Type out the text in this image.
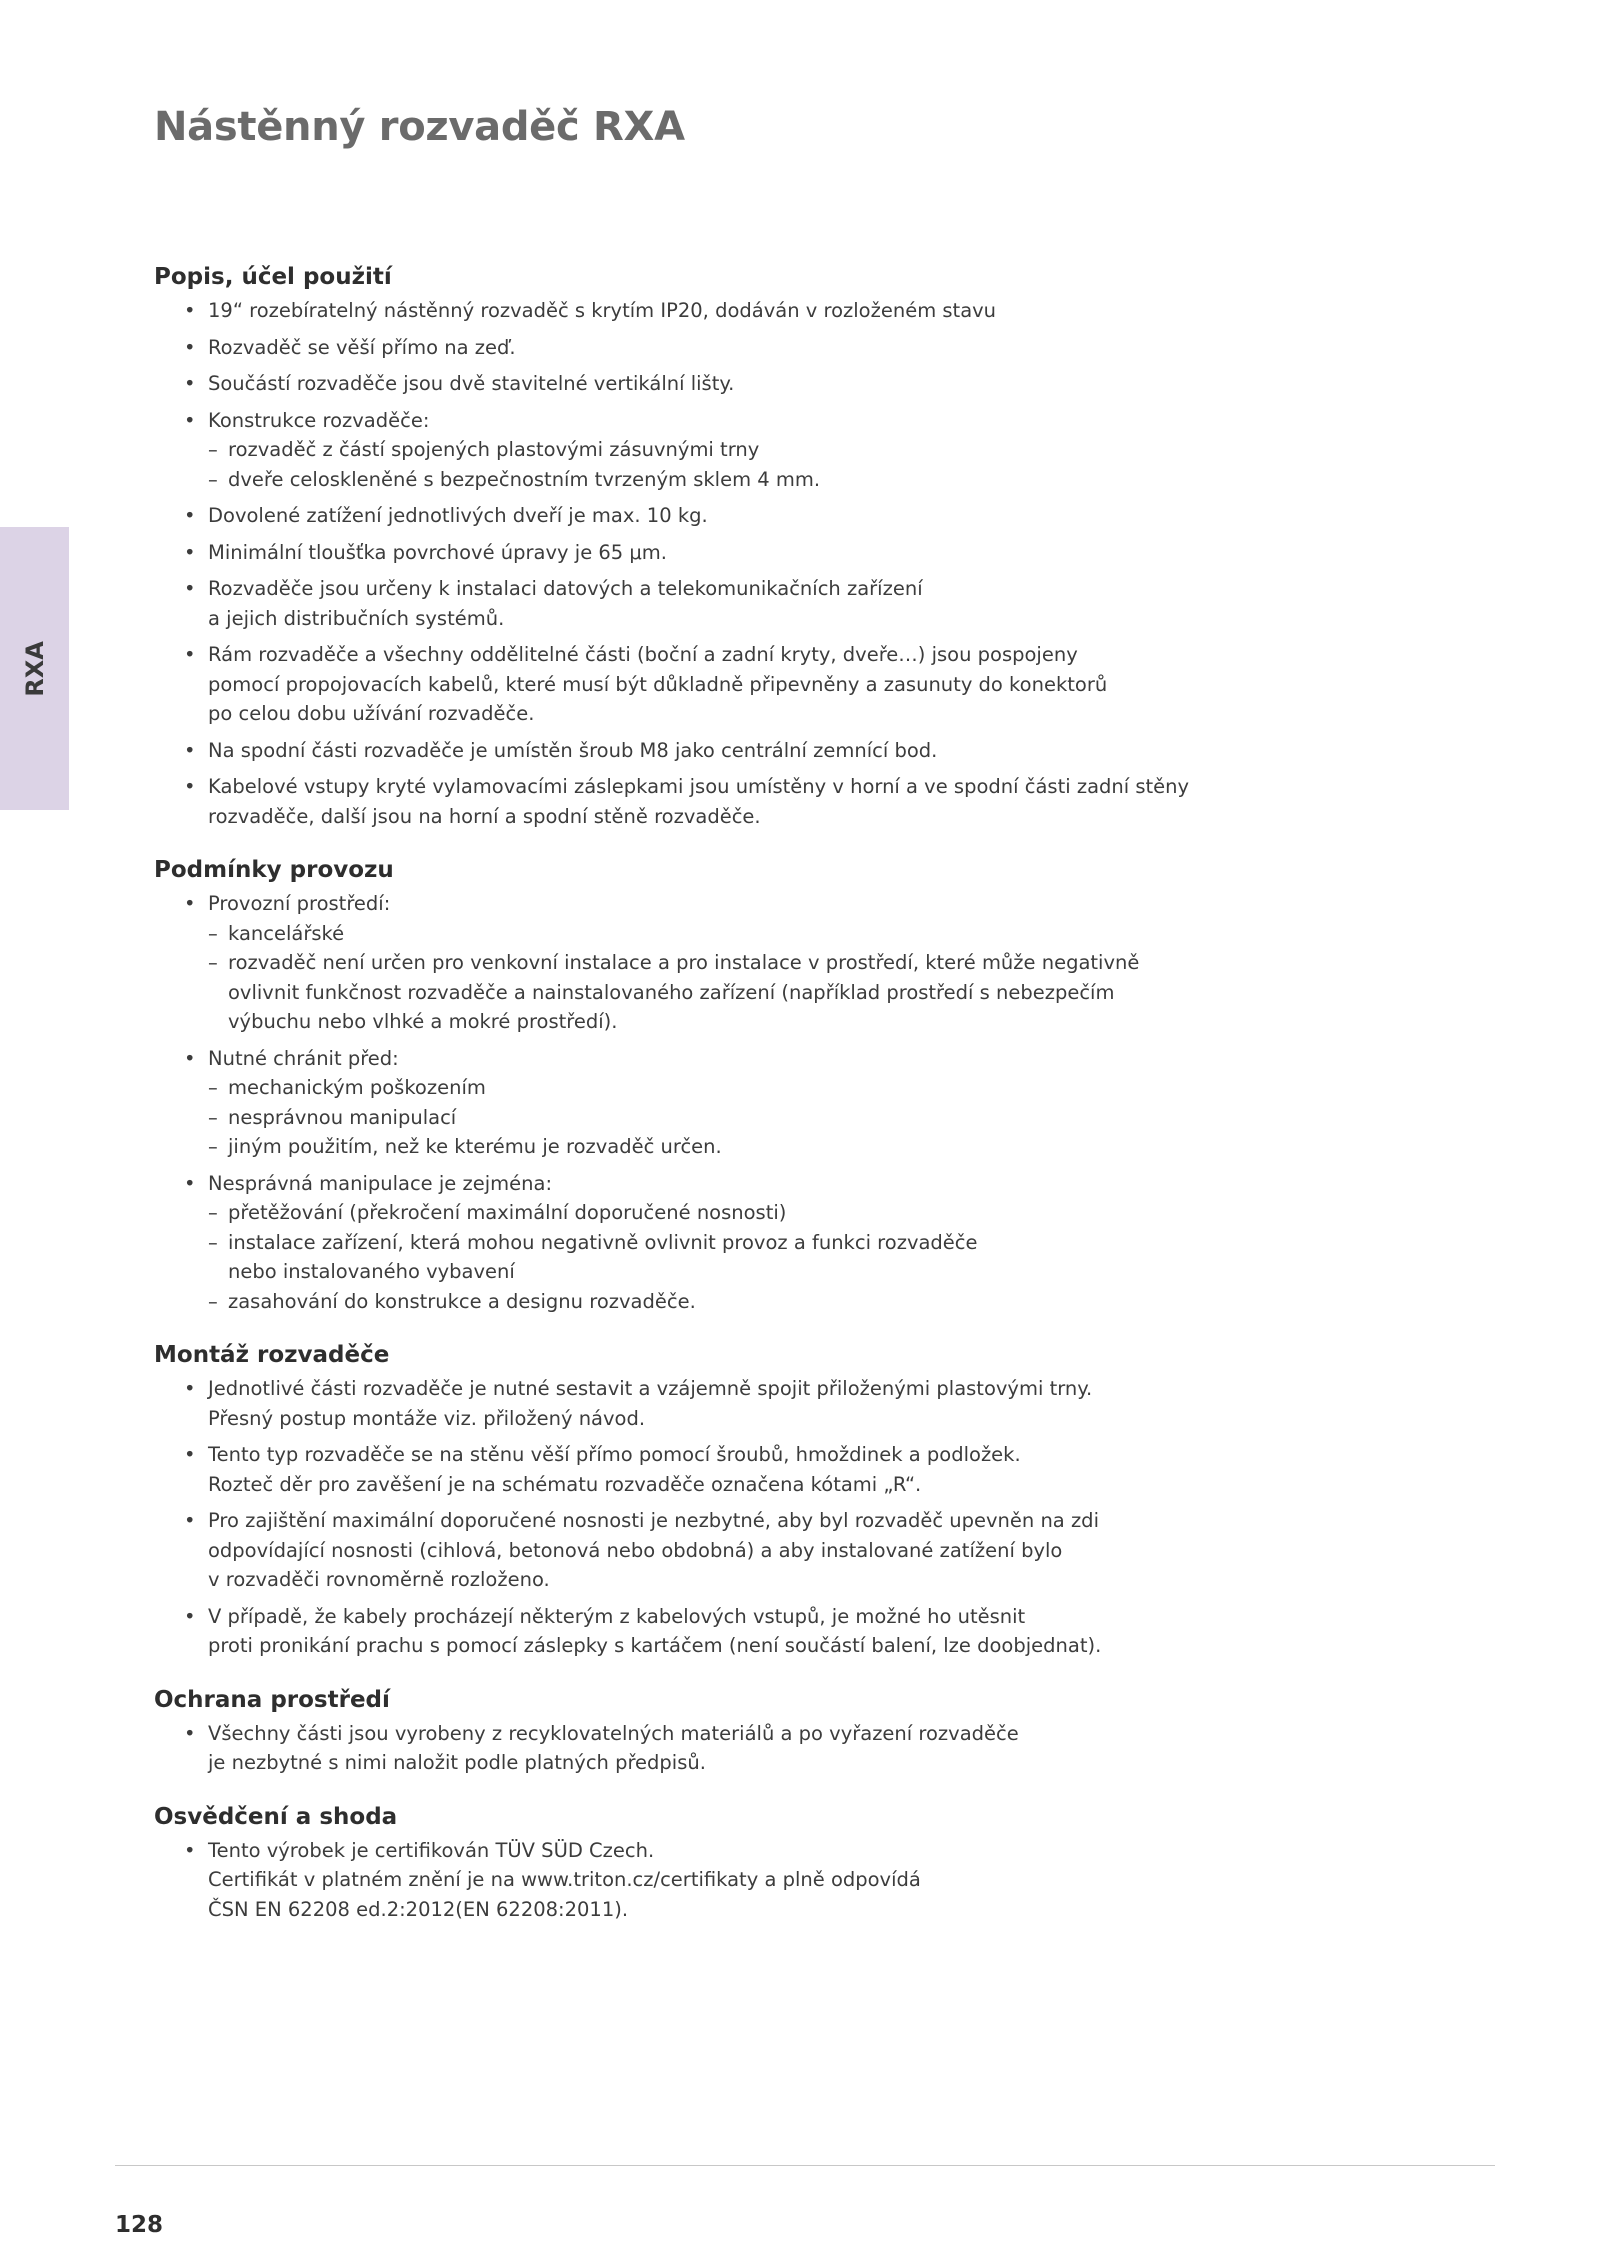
Nástěnný rozvaděč RXA
RXA
Popis, účel použití
• 19“ rozebíratelný nástěnný rozvaděč s krytím IP20, dodáván v rozloženém stavu
• Rozvaděč se věší přímo na zeď.
• Součástí rozvaděče jsou dvě stavitelné vertikální lišty.
• Konstrukce rozvaděče:
– rozvaděč z částí spojených plastovými zásuvnými trny
– dveře celoskleněné s bezpečnostním tvrzeným sklem 4 mm.
• Dovolené zatížení jednotlivých dveří je max. 10 kg.
• Minimální tloušťka povrchové úpravy je 65 μm.
• Rozvaděče jsou určeny k instalaci datových a telekomunikačních zařízení
a jejich distribučních systémů.
• Rám rozvaděče a všechny oddělitelné části (boční a zadní kryty, dveře…) jsou pospojeny
pomocí propojovacích kabelů, které musí být důkladně připevněny a zasunuty do konektorů
po celou dobu užívání rozvaděče.
• Na spodní části rozvaděče je umístěn šroub M8 jako centrální zemnící bod.
• Kabelové vstupy kryté vylamovacími záslepkami jsou umístěny v horní a ve spodní části zadní stěny
rozvaděče, další jsou na horní a spodní stěně rozvaděče.
Podmínky provozu
• Provozní prostředí:
– kancelářské
– rozvaděč není určen pro venkovní instalace a pro instalace v prostředí, které může negativně
ovlivnit funkčnost rozvaděče a nainstalovaného zařízení (například prostředí s nebezpečím
výbuchu nebo vlhké a mokré prostředí).
• Nutné chránit před:
– mechanickým poškozením
– nesprávnou manipulací
– jiným použitím, než ke kterému je rozvaděč určen.
• Nesprávná manipulace je zejména:
– přetěžování (překročení maximální doporučené nosnosti)
– instalace zařízení, která mohou negativně ovlivnit provoz a funkci rozvaděče
nebo instalovaného vybavení
– zasahování do konstrukce a designu rozvaděče.
Montáž rozvaděče
• Jednotlivé části rozvaděče je nutné sestavit a vzájemně spojit přiloženými plastovými trny.
Přesný postup montáže viz. přiložený návod.
• Tento typ rozvaděče se na stěnu věší přímo pomocí šroubů, hmoždinek a podložek.
Rozteč děr pro zavěšení je na schématu rozvaděče označena kótami „R“.
• Pro zajištění maximální doporučené nosnosti je nezbytné, aby byl rozvaděč upevněn na zdi
odpovídající nosnosti (cihlová, betonová nebo obdobná) a aby instalované zatížení bylo
v rozvaděči rovnoměrně rozloženo.
• V případě, že kabely procházejí některým z kabelových vstupů, je možné ho utěsnit
proti pronikání prachu s pomocí záslepky s kartáčem (není součástí balení, lze doobjednat).
Ochrana prostředí
• Všechny části jsou vyrobeny z recyklovatelných materiálů a po vyřazení rozvaděče
je nezbytné s nimi naložit podle platných předpisů.
Osvědčení a shoda
• Tento výrobek je certifikován TÜV SÜD Czech.
Certifikát v platném znění je na www.triton.cz/certifikaty a plně odpovídá
ČSN EN 62208 ed.2:2012(EN 62208:2011).
128
